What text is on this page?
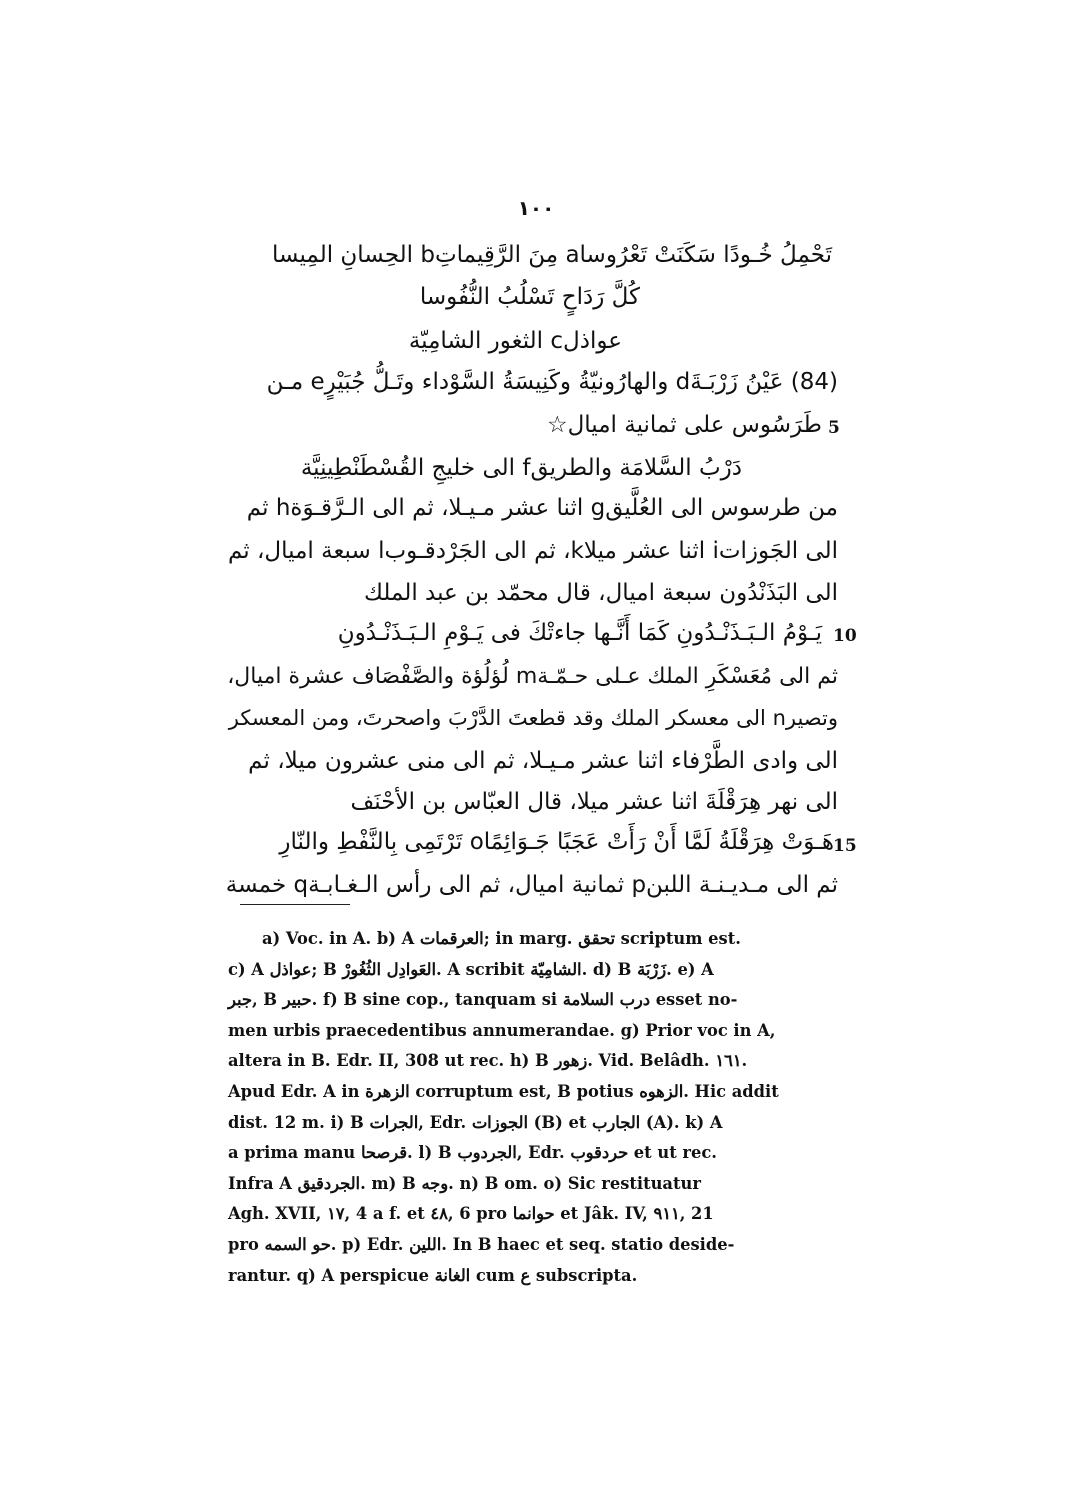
١٠٠
تَحْمِلُ خُـودًا سَكَنَتْ تَعْرُوساa مِنَ الرَّقِيماتِb الحِسانِ المِيسا
كُلَّ رَدَاحٍ تَسْلُبُ النُّفُوسا
عواذلc الثغور الشامِيّة
(84) عَيْنُ زَرْبَـةَd والهارُونيّةُ وكَنِيسَةُ السَّوْداء وتَـلُّ جُبَيْرٍe مـن
طَرَسُوس على ثمانية اميال☆
دَرْبُ السَّلامَة والطريقf الى خليجِ القُسْطَنْطِينِيَّة
من طرسوس الى العُلَّيقg اثنا عشر مـيـلا، ثم الى الـرَّقـوَةh ثم
الى الجَوزاتi اثنا عشر ميلاk، ثم الى الجَرْدقـوبl سبعة اميال، ثم
الى البَذَنْدُون سبعة اميال، قال محمّد بن عبد الملك
يَـوْمُ الـبَـذَنْـدُونِ كَمَا أَنَّـها جاءتْكَ فى يَـوْمِ الـبَـذَنْـدُونِ
ثم الى مُعَسْكَرِ الملك عـلى حـمّـةm لُؤلُؤة والصَّفْصَاف عشرة اميال،
وتصيرn الى معسكر الملك وقد قطعتَ الدَّرْبَ واصحرتَ، ومن المعسكر
الى وادى الطَّرْفاء اثنا عشر مـيـلا، ثم الى منى عشرون ميلا، ثم
الى نهر هِرَقْلَةَ اثنا عشر ميلا، قال العبّاس بن الأحْنَف
هَـوَتْ هِرَقْلَةُ لَمَّا أَنْ رَأَتْ عَجَبًا جَـوَائِمًاo تَرْتَمِى بِالنَّفْطِ والنّارِ
ثم الى مـديـنـة اللبنp ثمانية اميال، ثم الى رأس الـغـابـةq خمسة
5
10
15
a) Voc. in A. b) A العرقمات; in marg. تحقق scriptum est.
c) A عواذل; B العَوادِل الثُغُورْ. A scribit الشامِيّة. d) B زَرْبَة. e) A
جبر, B حبير. f) B sine cop., tanquam si درب السلامة esset no-
men urbis praecedentibus annumerandae. g) Prior voc in A,
altera in B. Edr. II, 308 ut rec. h) B زهور. Vid. Belâdh. ١٦١.
Apud Edr. A in الزهرة corruptum est, B potius الزهوه. Hic addit
dist. 12 m. i) B الجرات, Edr. الجوزات (B) et الجارب (A). k) A
a prima manu قرصحا. l) B الجردوب, Edr. حردقوب et ut rec.
Infra A الجردقيق. m) B وجه. n) B om. o) Sic restituatur
Agh. XVII, ١٧, 4 a f. et ٤٨, 6 pro حوانما et Jâk. IV, ٩١١, 21
pro حو السمه. p) Edr. اللين. In B haec et seq. statio deside-
rantur. q) A perspicue الغانة cum ع subscripta.
